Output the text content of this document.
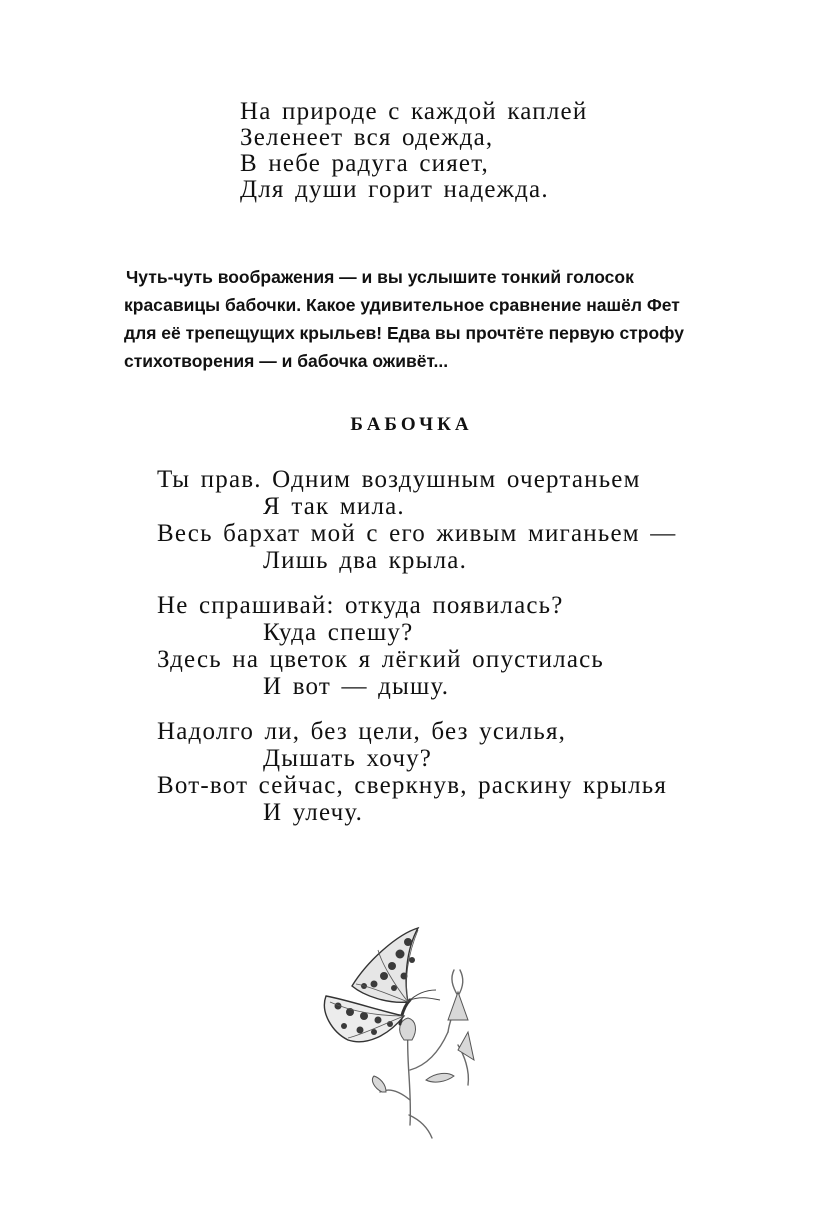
На природе с каждой каплей
Зеленеет вся одежда,
В небе радуга сияет,
Для души горит надежда.
Чуть-чуть воображения — и вы услышите тонкий голосок
красавицы бабочки. Какое удивительное сравнение нашёл Фет
для её трепещущих крыльев! Едва вы прочтёте первую строфу
стихотворения — и бабочка оживёт...
БАБОЧКА
Ты прав. Одним воздушным очертаньем
Я так мила.
Весь бархат мой с его живым миганьем —
Лишь два крыла.
Не спрашивай: откуда появилась?
Куда спешу?
Здесь на цветок я лёгкий опустилась
И вот — дышу.
Надолго ли, без цели, без усилья,
Дышать хочу?
Вот-вот сейчас, сверкнув, раскину крылья
И улечу.
